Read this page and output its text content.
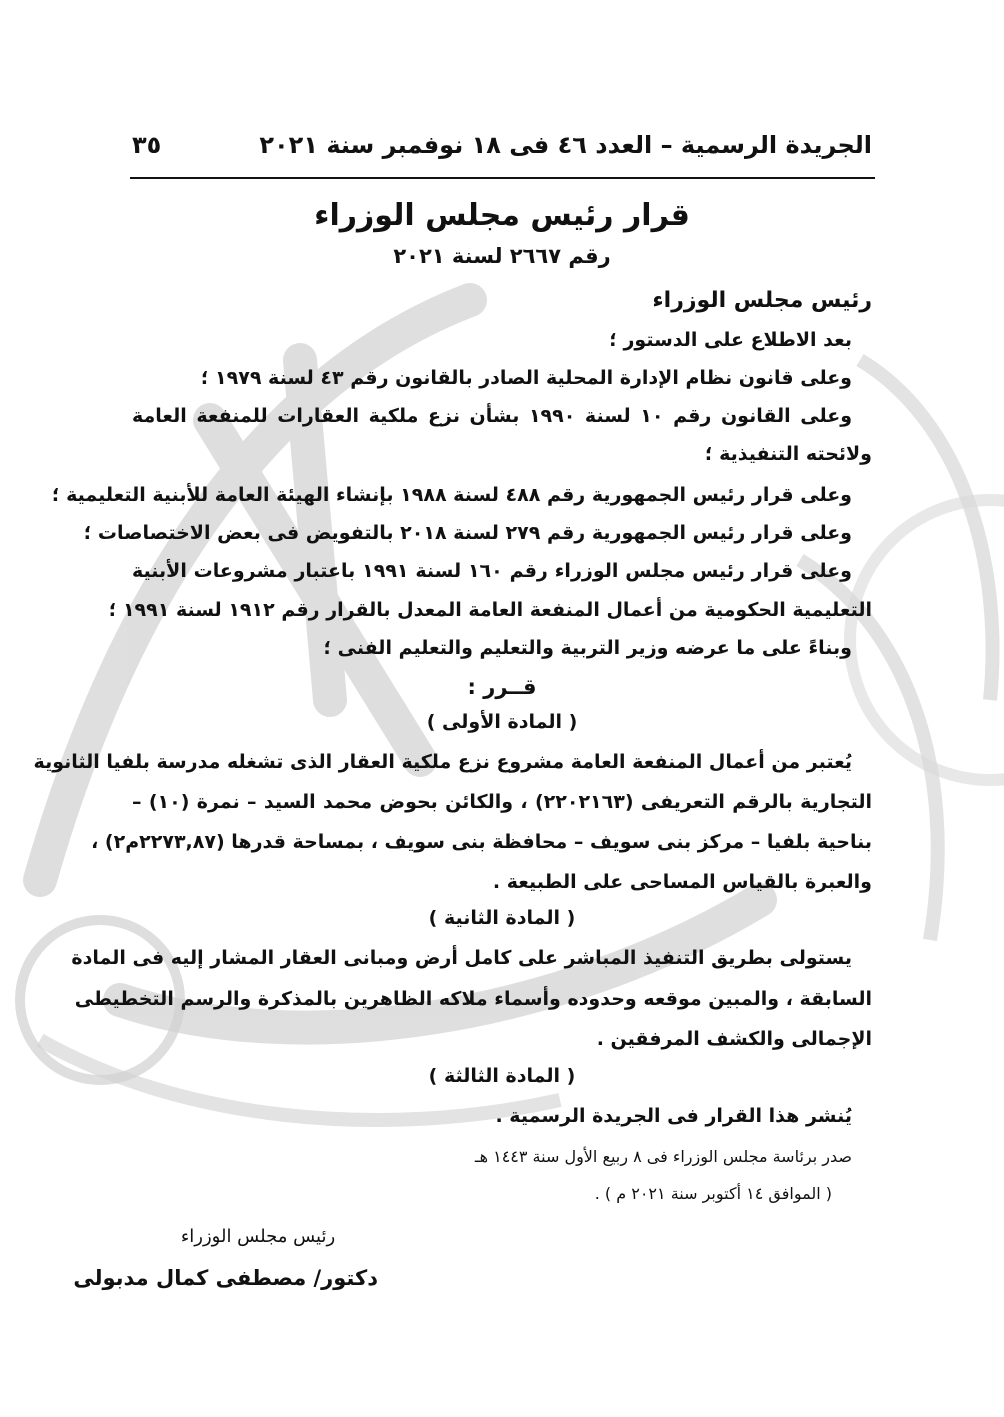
الجريدة الرسمية – العدد ٤٦ فى ١٨ نوفمبر سنة ٢٠٢١
٣٥
قرار رئيس مجلس الوزراء
رقم ٢٦٦٧ لسنة ٢٠٢١
رئيس مجلس الوزراء
بعد الاطلاع على الدستور ؛
وعلى قانون نظام الإدارة المحلية الصادر بالقانون رقم ٤٣ لسنة ١٩٧٩ ؛
وعلى القانون رقم ١٠ لسنة ١٩٩٠ بشأن نزع ملكية العقارات للمنفعة العامة
ولائحته التنفيذية ؛
وعلى قرار رئيس الجمهورية رقم ٤٨٨ لسنة ١٩٨٨ بإنشاء الهيئة العامة للأبنية التعليمية ؛
وعلى قرار رئيس الجمهورية رقم ٢٧٩ لسنة ٢٠١٨ بالتفويض فى بعض الاختصاصات ؛
وعلى قرار رئيس مجلس الوزراء رقم ١٦٠ لسنة ١٩٩١ باعتبار مشروعات الأبنية
التعليمية الحكومية من أعمال المنفعة العامة المعدل بالقرار رقم ١٩١٢ لسنة ١٩٩١ ؛
وبناءً على ما عرضه وزير التربية والتعليم والتعليم الفنى ؛
قــرر :
( المادة الأولى )
يُعتبر من أعمال المنفعة العامة مشروع نزع ملكية العقار الذى تشغله مدرسة بلفيا الثانوية
التجارية بالرقم التعريفى (٢٢٠٢١٦٣) ، والكائن بحوض محمد السيد – نمرة (١٠) –
بناحية بلفيا – مركز بنى سويف – محافظة بنى سويف ، بمساحة قدرها (٢٢٧٣,٨٧م٢) ،
والعبرة بالقياس المساحى على الطبيعة .
( المادة الثانية )
يستولى بطريق التنفيذ المباشر على كامل أرض ومبانى العقار المشار إليه فى المادة
السابقة ، والمبين موقعه وحدوده وأسماء ملاكه الظاهرين بالمذكرة والرسم التخطيطى
الإجمالى والكشف المرفقين .
( المادة الثالثة )
يُنشر هذا القرار فى الجريدة الرسمية .
صدر برئاسة مجلس الوزراء فى ٨ ربيع الأول سنة ١٤٤٣ هـ
( الموافق ١٤ أكتوبر سنة ٢٠٢١ م ) .
رئيس مجلس الوزراء
دكتور/ مصطفى كمال مدبولى
